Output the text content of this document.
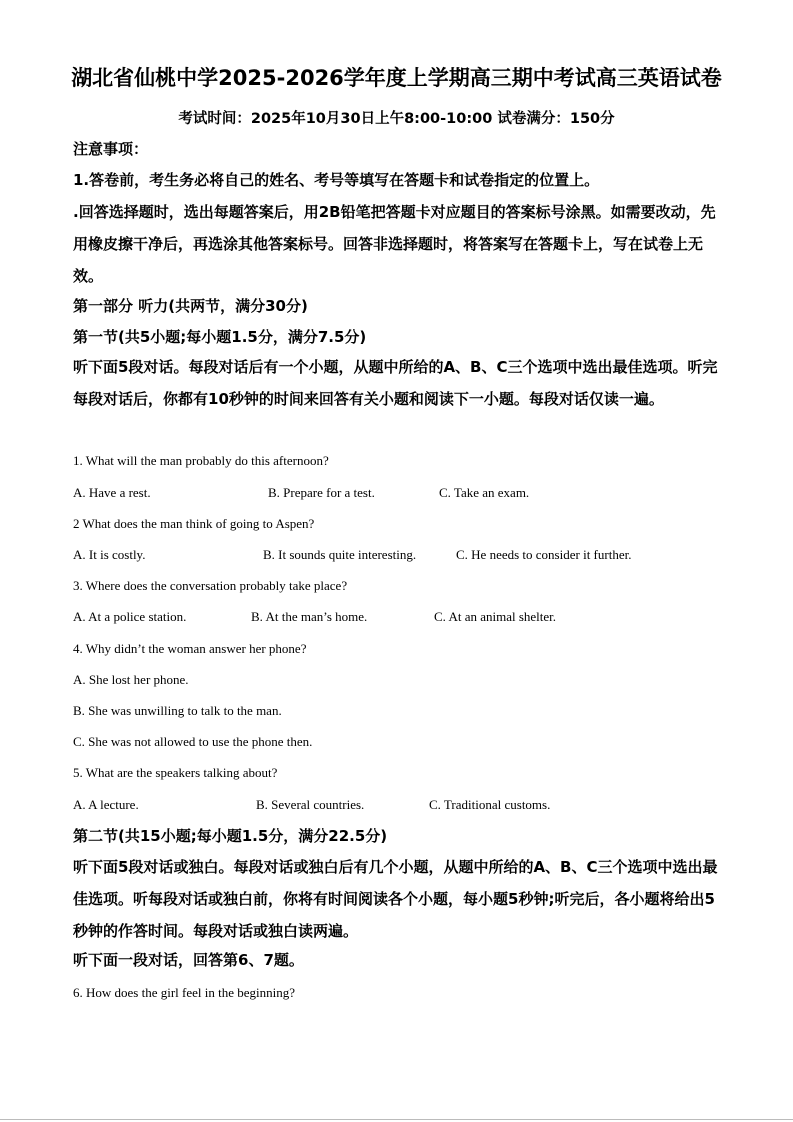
湖北省仙桃中学2025-2026学年度上学期高三期中考试高三英语试卷
考试时间：2025年10月30日上午8:00-10:00 试卷满分：150分
注意事项：
1.答卷前，考生务必将自己的姓名、考号等填写在答题卡和试卷指定的位置上。
.回答选择题时，选出每题答案后，用2B铅笔把答题卡对应题目的答案标号涂黑。如需要改动，先用橡皮擦干净后，再选涂其他答案标号。回答非选择题时，将答案写在答题卡上，写在试卷上无效。
第一部分 听力(共两节，满分30分)
第一节(共5小题;每小题1.5分，满分7.5分)
听下面5段对话。每段对话后有一个小题，从题中所给的A、B、C三个选项中选出最佳选项。听完每段对话后，你都有10秒钟的时间来回答有关小题和阅读下一小题。每段对话仅读一遍。
1. What will the man probably do this afternoon?
A. Have a rest.	B. Prepare for a test.	C. Take an exam.
2 What does the man think of going to Aspen?
A. It is costly.	B. It sounds quite interesting.	C. He needs to consider it further.
3. Where does the conversation probably take place?
A. At a police station.	B. At the man’s home.	C. At an animal shelter.
4. Why didn’t the woman answer her phone?
A. She lost her phone.
B. She was unwilling to talk to the man.
C. She was not allowed to use the phone then.
5. What are the speakers talking about?
A. A lecture.	B. Several countries.	C. Traditional customs.
第二节(共15小题;每小题1.5分，满分22.5分)
听下面5段对话或独白。每段对话或独白后有几个小题，从题中所给的A、B、C三个选项中选出最佳选项。听每段对话或独白前，你将有时间阅读各个小题，每小题5秒钟;听完后，各小题将给出5秒钟的作答时间。每段对话或独白读两遍。
听下面一段对话，回答第6、7题。
6. How does the girl feel in the beginning?
